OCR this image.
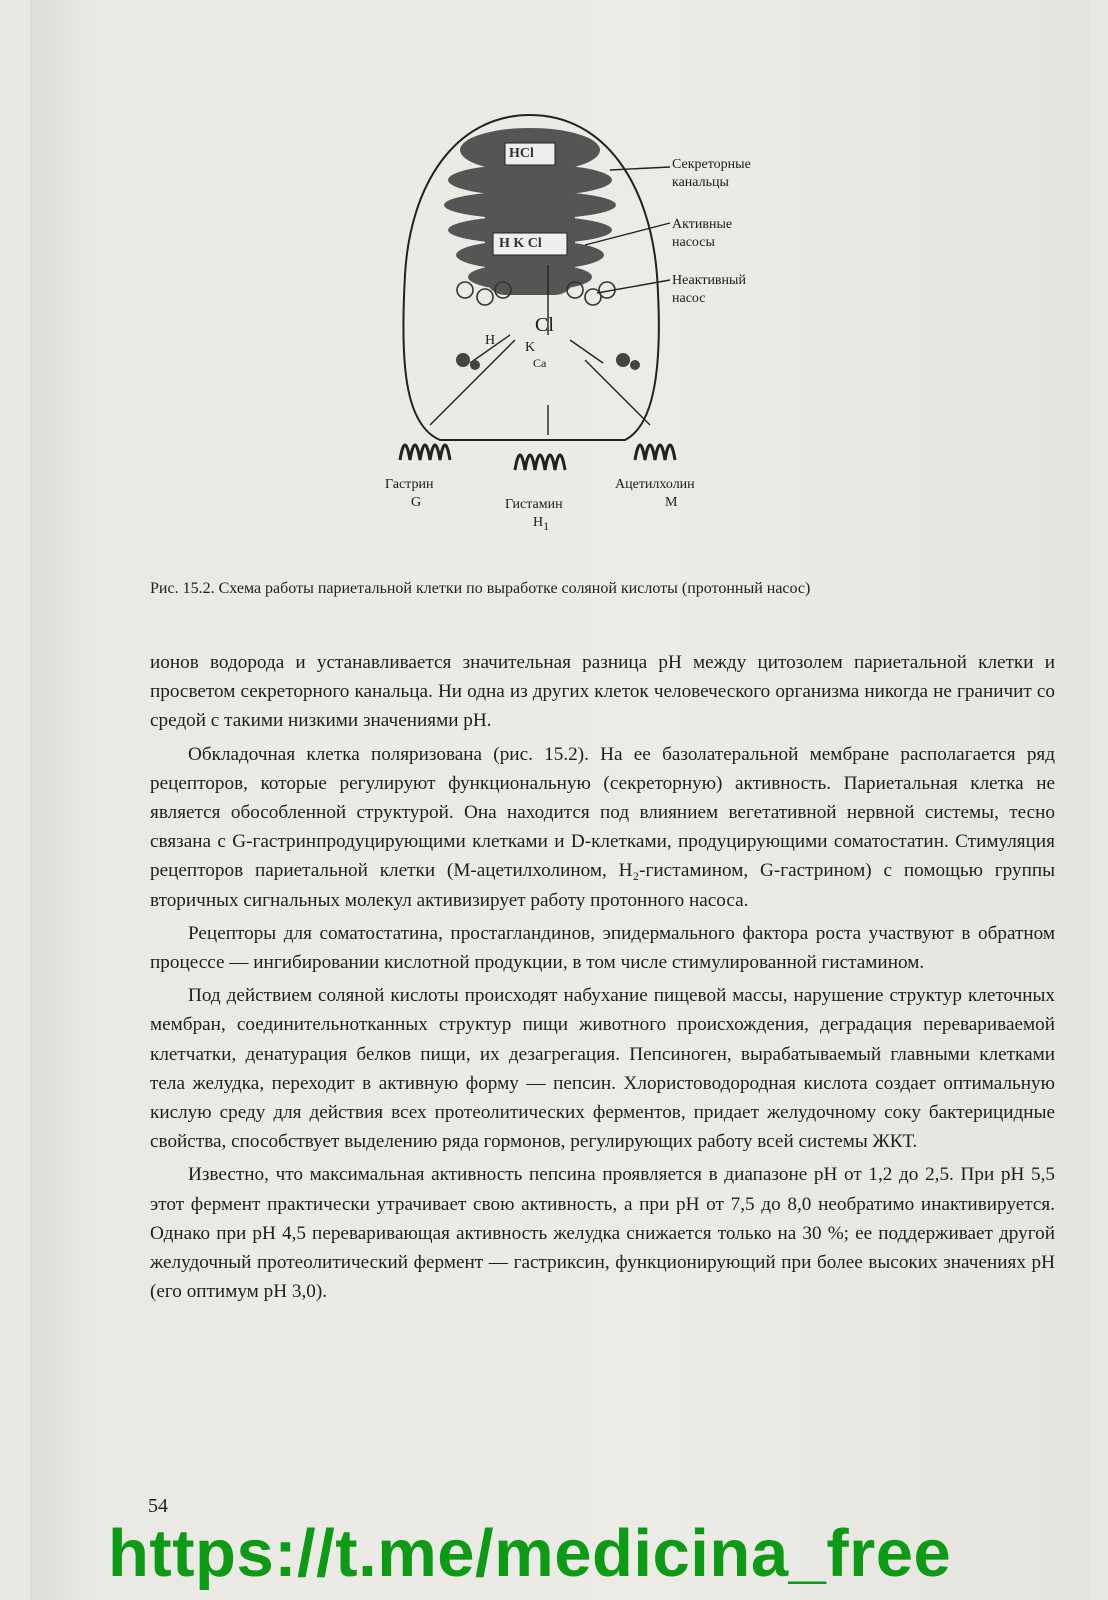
HCl
H K Cl
Секреторные
канальцы
Активные
насосы
Неактивный
насос
Cl
H K
Ca
Гастрин
G	Гистамин
$H_1$
Ацетилхолин
M
Рис. 15.2. Схема работы париетальной клетки по выработке соляной кислоты (протонный насос)

ионов водорода и устанавливается значительная разница pH между цитозолем париетальной клетки и просветом секреторного канальца. Ни одна из других клеток человеческого организма никогда не граничит со средой с такими низкими значениями pH.

Обкладочная клетка поляризована (рис. 15.2). На ее базолатеральной мембране располагается ряд рецепторов, которые регулируют функциональную (секреторную) активность. Париетальная клетка не является обособленной структурой. Она находится под влиянием вегетативной нервной системы, тесно связана с G-гастринпродуцирующими клетками и D-клетками, продуцирующими соматостатин. Стимуляция рецепторов париетальной клетки (М-ацетилхолином, H₂-гистамином, G-гастрином) с помощью группы вторичных сигнальных молекул активизирует работу протонного насоса.

Рецепторы для соматостатина, простагландинов, эпидермального фактора роста участвуют в обратном процессе — ингибировании кислотной продукции, в том числе стимулированной гистамином.

Под действием соляной кислоты происходят набухание пищевой массы, нарушение структур клеточных мембран, соединительнотканных структур пищи животного происхождения, деградация перевариваемой клетчатки, денатурация белков пищи, их дезагрегация. Пепсиноген, вырабатываемый главными клетками тела желудка, переходит в активную форму — пепсин. Хлористоводородная кислота создает оптимальную кислую среду для действия всех протеолитических ферментов, придает желудочному соку бактерицидные свойства, способствует выделению ряда гормонов, регулирующих работу всей системы ЖКТ.

Известно, что максимальная активность пепсина проявляется в диапазоне pH от 1,2 до 2,5. При pH 5,5 этот фермент практически утрачивает свою активность, а при pH от 7,5 до 8,0 необратимо инактивируется. Однако при pH 4,5 переваривающая активность желудка снижается только на 30 %; ее поддерживает другой желудочный протеолитический фермент — гастриксин, функционирующий при более высоких значениях pH (его оптимум pH 3,0).

54
https://t.me/medicina_free
